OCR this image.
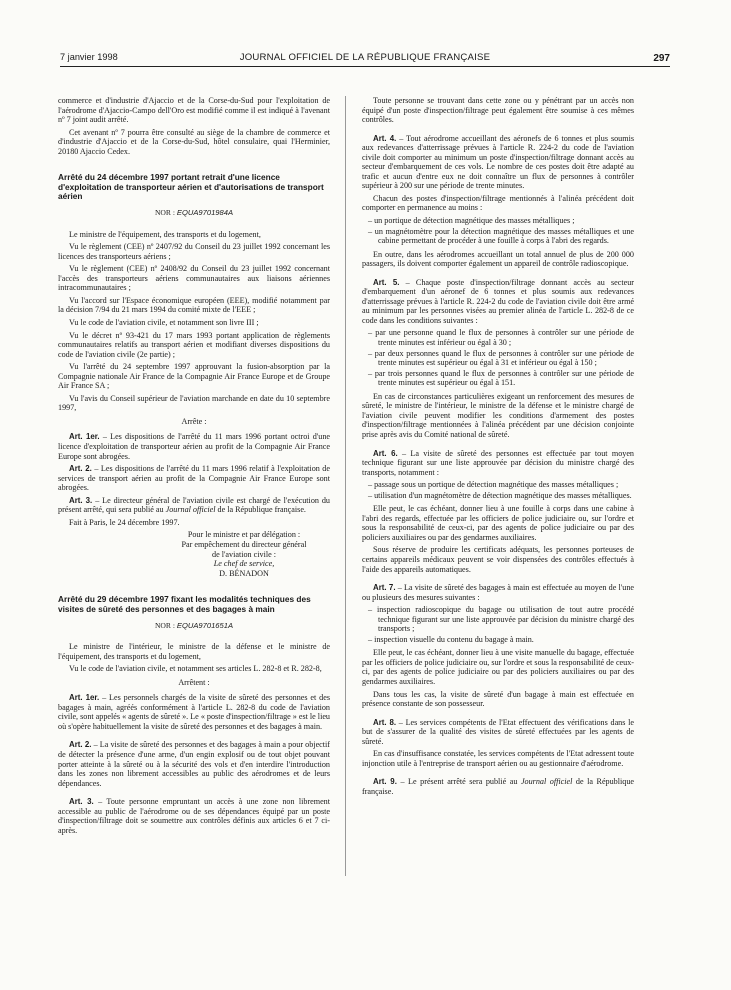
7 janvier 1998	JOURNAL OFFICIEL DE LA RÉPUBLIQUE FRANÇAISE	297

commerce et d'industrie d'Ajaccio et de la Corse-du-Sud pour l'exploitation de l'aérodrome d'Ajaccio-Campo dell'Oro est modifié comme il est indiqué à l'avenant nº 7 joint audit arrêté.

Cet avenant nº 7 pourra être consulté au siège de la chambre de commerce et d'industrie d'Ajaccio et de la Corse-du-Sud, hôtel consulaire, quai l'Herminier, 20180 Ajaccio Cedex.

Arrêté du 24 décembre 1997 portant retrait d'une licence d'exploitation de transporteur aérien et d'autorisations de transport aérien
NOR : EQUA9701984A

Le ministre de l'équipement, des transports et du logement,

Vu le règlement (CEE) nº 2407/92 du Conseil du 23 juillet 1992 concernant les licences des transporteurs aériens ;

Vu le règlement (CEE) nº 2408/92 du Conseil du 23 juillet 1992 concernant l'accès des transporteurs aériens communautaires aux liaisons aériennes intracommunautaires ;

Vu l'accord sur l'Espace économique européen (EEE), modifié notamment par la décision 7/94 du 21 mars 1994 du comité mixte de l'EEE ;

Vu le code de l'aviation civile, et notamment son livre III ;

Vu le décret nº 93-421 du 17 mars 1993 portant application de règlements communautaires relatifs au transport aérien et modifiant diverses dispositions du code de l'aviation civile (2e partie) ;

Vu l'arrêté du 24 septembre 1997 approuvant la fusion-absorption par la Compagnie nationale Air France de la Compagnie Air France Europe et de Groupe Air France SA ;

Vu l'avis du Conseil supérieur de l'aviation marchande en date du 10 septembre 1997,

Arrête :

Art. 1er. – Les dispositions de l'arrêté du 11 mars 1996 portant octroi d'une licence d'exploitation de transporteur aérien au profit de la Compagnie Air France Europe sont abrogées.

Art. 2. – Les dispositions de l'arrêté du 11 mars 1996 relatif à l'exploitation de services de transport aérien au profit de la Compagnie Air France Europe sont abrogées.

Art. 3. – Le directeur général de l'aviation civile est chargé de l'exécution du présent arrêté, qui sera publié au Journal officiel de la République française.

Fait à Paris, le 24 décembre 1997.

Pour le ministre et par délégation :
Par empêchement du directeur général
de l'aviation civile :
Le chef de service,
D. BÉNADON
Arrêté du 29 décembre 1997 fixant les modalités techniques des visites de sûreté des personnes et des bagages à main
NOR : EQUA9701651A

Le ministre de l'intérieur, le ministre de la défense et le ministre de l'équipement, des transports et du logement,

Vu le code de l'aviation civile, et notamment ses articles L. 282-8 et R. 282-8,

Arrêtent :

Art. 1er. – Les personnels chargés de la visite de sûreté des personnes et des bagages à main, agréés conformément à l'article L. 282-8 du code de l'aviation civile, sont appelés « agents de sûreté ». Le « poste d'inspection/filtrage » est le lieu où s'opère habituellement la visite de sûreté des personnes et des bagages à main.

Art. 2. – La visite de sûreté des personnes et des bagages à main a pour objectif de détecter la présence d'une arme, d'un engin explosif ou de tout objet pouvant porter atteinte à la sûreté ou à la sécurité des vols et d'en interdire l'introduction dans les zones non librement accessibles au public des aérodromes et de leurs dépendances.

Art. 3. – Toute personne empruntant un accès à une zone non librement accessible au public de l'aérodrome ou de ses dépendances équipé par un poste d'inspection/filtrage doit se soumettre aux contrôles définis aux articles 6 et 7 ci-après.

Toute personne se trouvant dans cette zone ou y pénétrant par un accès non équipé d'un poste d'inspection/filtrage peut également être soumise à ces mêmes contrôles.

Art. 4. – Tout aérodrome accueillant des aéronefs de 6 tonnes et plus soumis aux redevances d'atterrissage prévues à l'article R. 224-2 du code de l'aviation civile doit comporter au minimum un poste d'inspection/filtrage donnant accès au secteur d'embarquement de ces vols. Le nombre de ces postes doit être adapté au trafic et aucun d'entre eux ne doit connaître un flux de personnes à contrôler supérieur à 200 sur une période de trente minutes.

Chacun des postes d'inspection/filtrage mentionnés à l'alinéa précédent doit comporter en permanence au moins :

– un portique de détection magnétique des masses métalliques ;
– un magnétomètre pour la détection magnétique des masses métalliques et une cabine permettant de procéder à une fouille à corps à l'abri des regards.

En outre, dans les aérodromes accueillant un total annuel de plus de 200 000 passagers, ils doivent comporter également un appareil de contrôle radioscopique.

Art. 5. – Chaque poste d'inspection/filtrage donnant accès au secteur d'embarquement d'un aéronef de 6 tonnes et plus soumis aux redevances d'atterrissage prévues à l'article R. 224-2 du code de l'aviation civile doit être armé au minimum par les personnes visées au premier alinéa de l'article L. 282-8 de ce code dans les conditions suivantes :

– par une personne quand le flux de personnes à contrôler sur une période de trente minutes est inférieur ou égal à 30 ;
– par deux personnes quand le flux de personnes à contrôler sur une période de trente minutes est supérieur ou égal à 31 et inférieur ou égal à 150 ;
– par trois personnes quand le flux de personnes à contrôler sur une période de trente minutes est supérieur ou égal à 151.

En cas de circonstances particulières exigeant un renforcement des mesures de sûreté, le ministre de l'intérieur, le ministre de la défense et le ministre chargé de l'aviation civile peuvent modifier les conditions d'armement des postes d'inspection/filtrage mentionnées à l'alinéa précédent par une décision conjointe prise après avis du Comité national de sûreté.

Art. 6. – La visite de sûreté des personnes est effectuée par tout moyen technique figurant sur une liste approuvée par décision du ministre chargé des transports, notamment :

– passage sous un portique de détection magnétique des masses métalliques ;
– utilisation d'un magnétomètre de détection magnétique des masses métalliques.

Elle peut, le cas échéant, donner lieu à une fouille à corps dans une cabine à l'abri des regards, effectuée par les officiers de police judiciaire ou, sur l'ordre et sous la responsabilité de ceux-ci, par des agents de police judiciaire ou par des policiers auxiliaires ou par des gendarmes auxiliaires.

Sous réserve de produire les certificats adéquats, les personnes porteuses de certains appareils médicaux peuvent se voir dispensées des contrôles effectués à l'aide des appareils automatiques.

Art. 7. – La visite de sûreté des bagages à main est effectuée au moyen de l'une ou plusieurs des mesures suivantes :

– inspection radioscopique du bagage ou utilisation de tout autre procédé technique figurant sur une liste approuvée par décision du ministre chargé des transports ;
– inspection visuelle du contenu du bagage à main.

Elle peut, le cas échéant, donner lieu à une visite manuelle du bagage, effectuée par les officiers de police judiciaire ou, sur l'ordre et sous la responsabilité de ceux-ci, par des agents de police judiciaire ou par des policiers auxiliaires ou par des gendarmes auxiliaires.

Dans tous les cas, la visite de sûreté d'un bagage à main est effectuée en présence constante de son possesseur.

Art. 8. – Les services compétents de l'Etat effectuent des vérifications dans le but de s'assurer de la qualité des visites de sûreté effectuées par les agents de sûreté.

En cas d'insuffisance constatée, les services compétents de l'Etat adressent toute injonction utile à l'entreprise de transport aérien ou au gestionnaire d'aérodrome.

Art. 9. – Le présent arrêté sera publié au Journal officiel de la République française.
